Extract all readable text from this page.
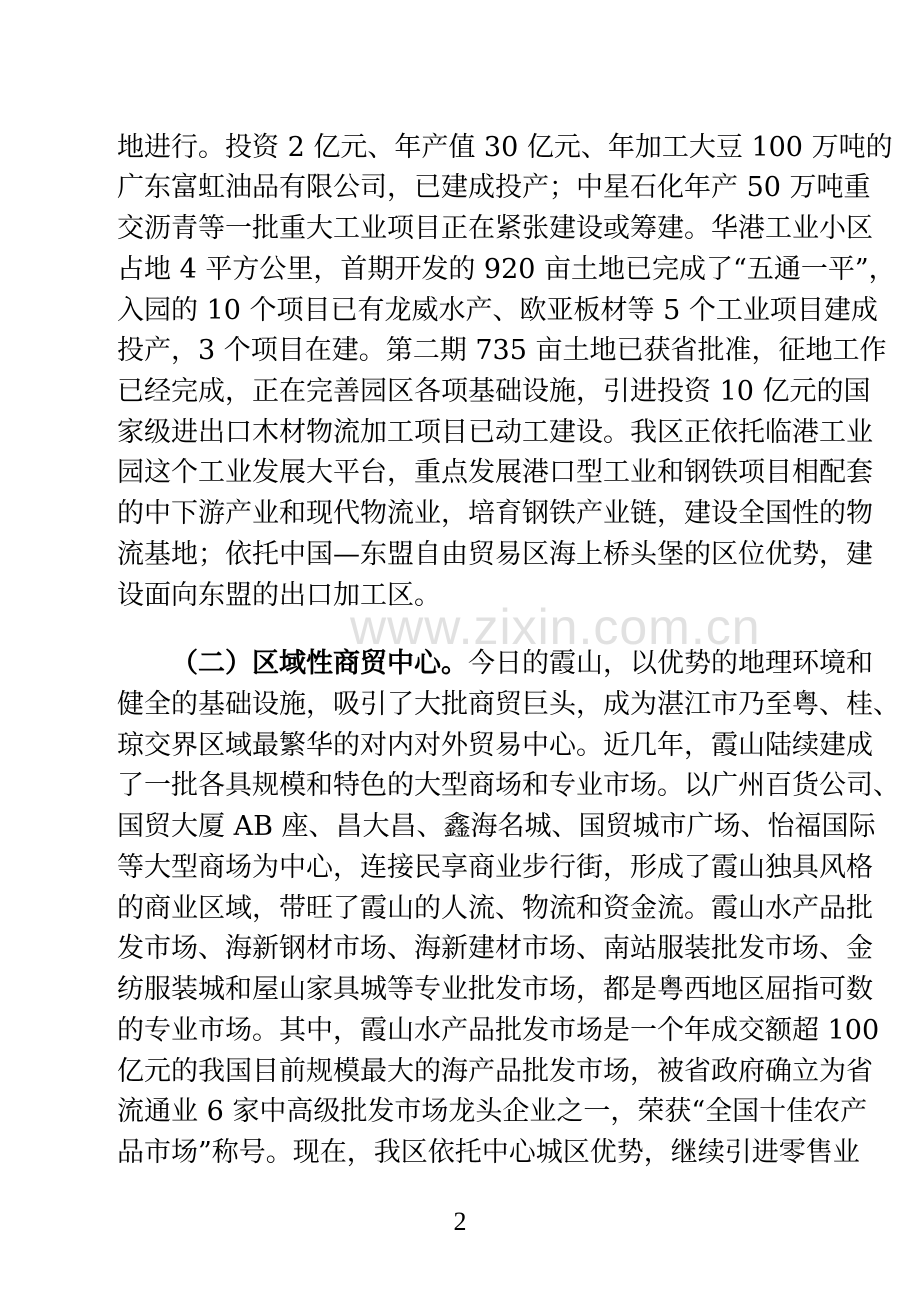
www.zixin.com.cn
地进行。投资 2 亿元、年产值 30 亿元、年加工大豆 100 万吨的
广东富虹油品有限公司，已建成投产；中星石化年产 50 万吨重
交沥青等一批重大工业项目正在紧张建设或筹建。华港工业小区
占地 4 平方公里，首期开发的 920 亩土地已完成了“五通一平”，
入园的 10 个项目已有龙威水产、欧亚板材等 5 个工业项目建成
投产，3 个项目在建。第二期 735 亩土地已获省批准，征地工作
已经完成，正在完善园区各项基础设施，引进投资 10 亿元的国
家级进出口木材物流加工项目已动工建设。我区正依托临港工业
园这个工业发展大平台，重点发展港口型工业和钢铁项目相配套
的中下游产业和现代物流业，培育钢铁产业链，建设全国性的物
流基地；依托中国—东盟自由贸易区海上桥头堡的区位优势，建
设面向东盟的出口加工区。
（二）区域性商贸中心。今日的霞山，以优势的地理环境和
健全的基础设施，吸引了大批商贸巨头，成为湛江市乃至粤、桂、
琼交界区域最繁华的对内对外贸易中心。近几年，霞山陆续建成
了一批各具规模和特色的大型商场和专业市场。以广州百货公司、
国贸大厦 AB 座、昌大昌、鑫海名城、国贸城市广场、怡福国际
等大型商场为中心，连接民享商业步行街，形成了霞山独具风格
的商业区域，带旺了霞山的人流、物流和资金流。霞山水产品批
发市场、海新钢材市场、海新建材市场、南站服装批发市场、金
纺服装城和屋山家具城等专业批发市场，都是粤西地区屈指可数
的专业市场。其中，霞山水产品批发市场是一个年成交额超 100
亿元的我国目前规模最大的海产品批发市场，被省政府确立为省
流通业 6 家中高级批发市场龙头企业之一，荣获“全国十佳农产
品市场”称号。现在，我区依托中心城区优势，继续引进零售业
2
